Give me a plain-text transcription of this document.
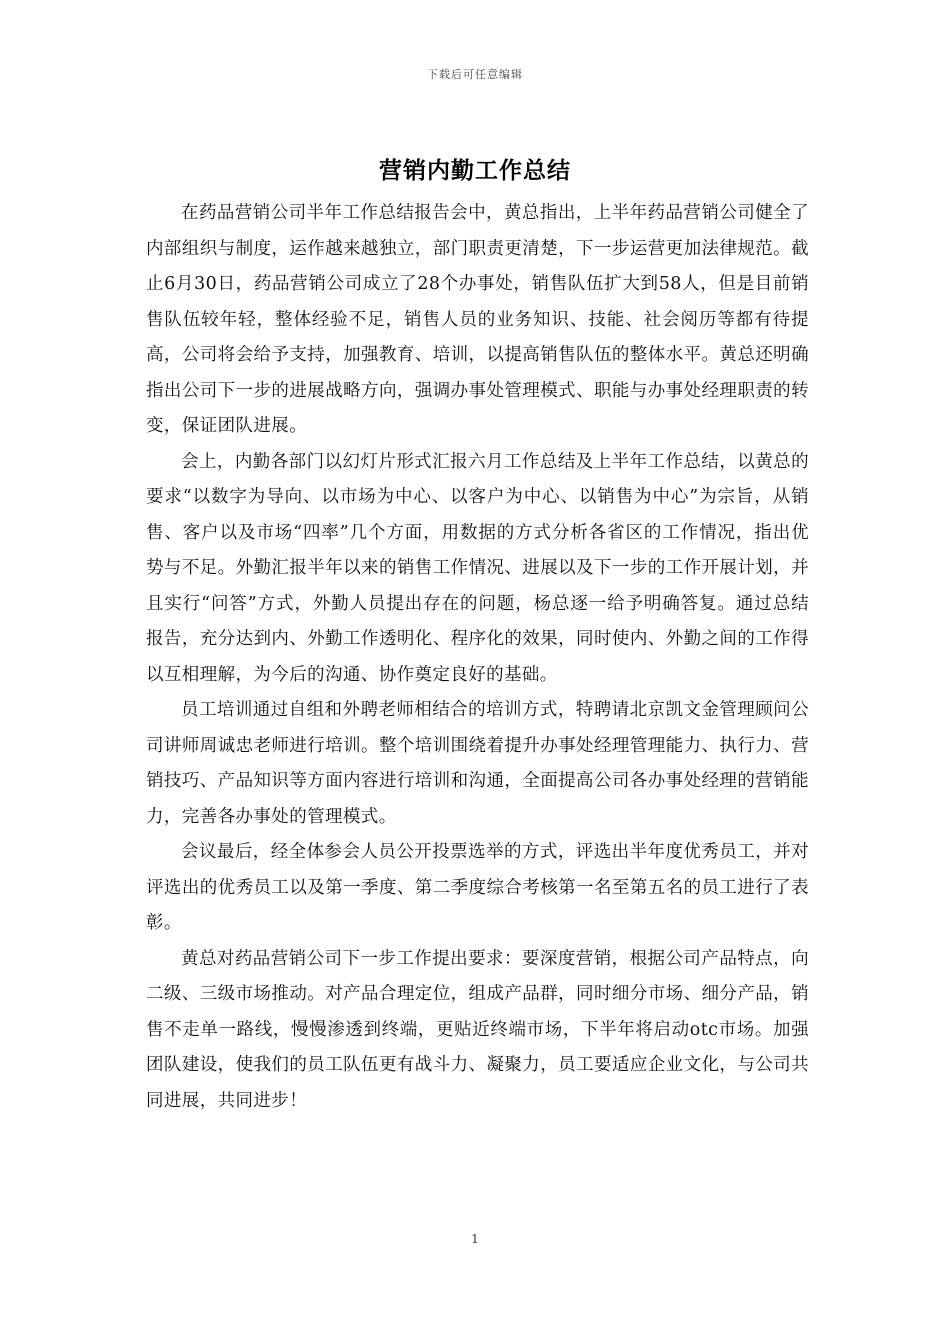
下载后可任意编辑
营销内勤工作总结

在药品营销公司半年工作总结报告会中，黄总指出，上半年药品营销公司健全了内部组织与制度，运作越来越独立，部门职责更清楚，下一步运营更加法律规范。截止6月30日，药品营销公司成立了28个办事处，销售队伍扩大到58人，但是目前销售队伍较年轻，整体经验不足，销售人员的业务知识、技能、社会阅历等都有待提高，公司将会给予支持，加强教育、培训，以提高销售队伍的整体水平。黄总还明确指出公司下一步的进展战略方向，强调办事处管理模式、职能与办事处经理职责的转变，保证团队进展。

会上，内勤各部门以幻灯片形式汇报六月工作总结及上半年工作总结，以黄总的要求“以数字为导向、以市场为中心、以客户为中心、以销售为中心”为宗旨，从销售、客户以及市场“四率”几个方面，用数据的方式分析各省区的工作情况，指出优势与不足。外勤汇报半年以来的销售工作情况、进展以及下一步的工作开展计划，并且实行“问答”方式，外勤人员提出存在的问题，杨总逐一给予明确答复。通过总结报告，充分达到内、外勤工作透明化、程序化的效果，同时使内、外勤之间的工作得以互相理解，为今后的沟通、协作奠定良好的基础。

员工培训通过自组和外聘老师相结合的培训方式，特聘请北京凯文金管理顾问公司讲师周诚忠老师进行培训。整个培训围绕着提升办事处经理管理能力、执行力、营销技巧、产品知识等方面内容进行培训和沟通，全面提高公司各办事处经理的营销能力，完善各办事处的管理模式。

会议最后，经全体参会人员公开投票选举的方式，评选出半年度优秀员工，并对评选出的优秀员工以及第一季度、第二季度综合考核第一名至第五名的员工进行了表彰。

黄总对药品营销公司下一步工作提出要求：要深度营销，根据公司产品特点，向二级、三级市场推动。对产品合理定位，组成产品群，同时细分市场、细分产品，销售不走单一路线，慢慢渗透到终端，更贴近终端市场，下半年将启动otc市场。加强团队建设，使我们的员工队伍更有战斗力、凝聚力，员工要适应企业文化，与公司共同进展，共同进步！

1
